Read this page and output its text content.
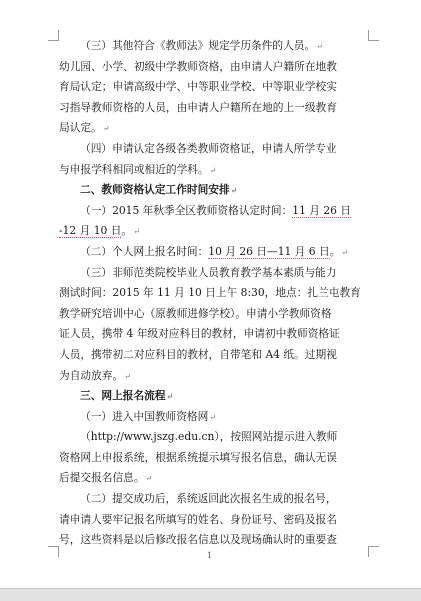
（三）其他符合《教师法》规定学历条件的人员。↵
幼儿园、小学、初级中学教师资格，由申请人户籍所在地教
育局认定；申请高级中学、中等职业学校、中等职业学校实
习指导教师资格的人员，由申请人户籍所在地的上一级教育
局认定。↵
（四）申请认定各级各类教师资格证，申请人所学专业
与申报学科相同或相近的学科。↵
二、教师资格认定工作时间安排↵
（一）2015 年秋季全区教师资格认定时间：11 月 26 日
-12 月 10 日。↵
（二）个人网上报名时间：10 月 26 日—11 月 6 日。↵
（三）非师范类院校毕业人员教育教学基本素质与能力
测试时间：2015 年 11 月 10 日上午 8:30，地点：扎兰屯教育
教学研究培训中心（原教师进修学校）。申请小学教师资格
证人员，携带 4 年级对应科目的教材，申请初中教师资格证
人员，携带初二对应科目的教材，自带笔和 A4 纸。过期视
为自动放弃。↵
三、网上报名流程↵
（一）进入中国教师资格网↵
（http://www.jszg.edu.cn），按照网站提示进入教师
资格网上申报系统，根据系统提示填写报名信息，确认无误
后提交报名信息。↵
（二）提交成功后，系统返回此次报名生成的报名号，
请申请人要牢记报名所填写的姓名、身份证号、密码及报名
号，这些资料是以后修改报名信息以及现场确认时的重要查
1
